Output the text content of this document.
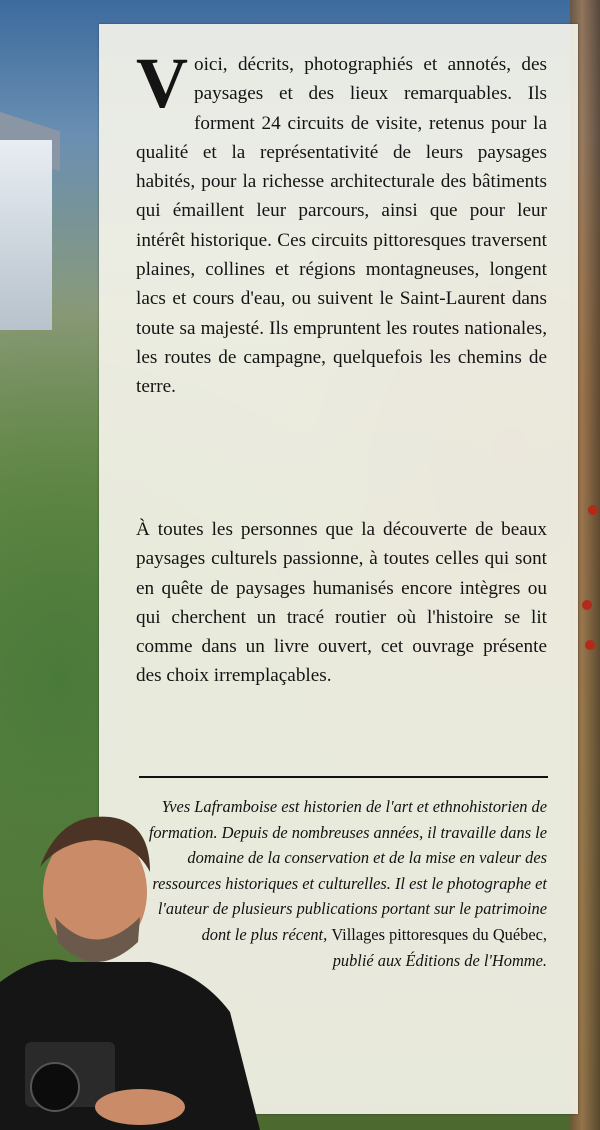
Voici, décrits, photographiés et annotés, des paysages et des lieux remarquables. Ils forment 24 circuits de visite, retenus pour la qualité et la représentativité de leurs paysages habités, pour la richesse architecturale des bâtiments qui émaillent leur parcours, ainsi que pour leur intérêt historique. Ces circuits pittoresques traversent plaines, collines et régions montagneuses, longent lacs et cours d'eau, ou suivent le Saint-Laurent dans toute sa majesté. Ils empruntent les routes nationales, les routes de campagne, quelquefois les chemins de terre.

À toutes les personnes que la découverte de beaux paysages culturels passionne, à toutes celles qui sont en quête de paysages humanisés encore intègres ou qui cherchent un tracé routier où l'histoire se lit comme dans un livre ouvert, cet ouvrage présente des choix irremplaçables.

Yves Laframboise est historien de l'art et ethnohistorien de formation. Depuis de nombreuses années, il travaille dans le domaine de la conservation et de la mise en valeur des ressources historiques et culturelles. Il est le photographe et l'auteur de plusieurs publications portant sur le patrimoine dont le plus récent, Villages pittoresques du Québec,
publié aux Éditions de l'Homme.
